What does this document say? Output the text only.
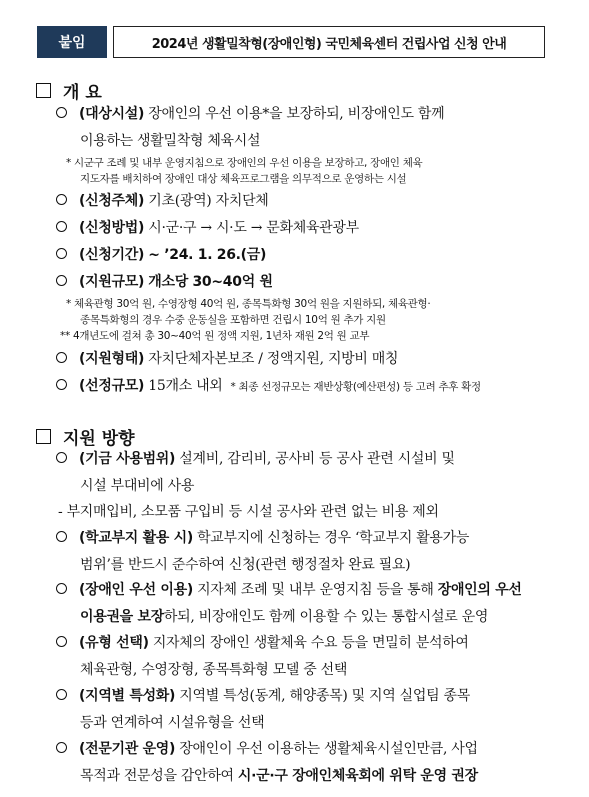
붙임	2024년 생활밀착형(장애인형) 국민체육센터 건립사업 신청 안내
개 요
(대상시설) 장애인의 우선 이용*을 보장하되, 비장애인도 함께
이용하는 생활밀착형 체육시설
* 시군구 조례 및 내부 운영지침으로 장애인의 우선 이용을 보장하고, 장애인 체육
지도자를 배치하여 장애인 대상 체육프로그램을 의무적으로 운영하는 시설
(신청주체) 기초(광역) 자치단체
(신청방법) 시·군·구 → 시·도 → 문화체육관광부
(신청기간) ~ ’24. 1. 26.(금)
(지원규모) 개소당 30~40억 원
* 체육관형 30억 원, 수영장형 40억 원, 종목특화형 30억 원을 지원하되, 체육관형·
종목특화형의 경우 수중 운동실을 포함하면 건립시 10억 원 추가 지원
** 4개년도에 걸쳐 총 30~40억 원 정액 지원, 1년차 재원 2억 원 교부
(지원형태) 자치단체자본보조 / 정액지원, 지방비 매칭
(선정규모) 15개소 내외 * 최종 선정규모는 재반상황(예산편성) 등 고려 추후 확정
지원 방향
(기금 사용범위) 설계비, 감리비, 공사비 등 공사 관련 시설비 및
시설 부대비에 사용
- 부지매입비, 소모품 구입비 등 시설 공사와 관련 없는 비용 제외
(학교부지 활용 시) 학교부지에 신청하는 경우 ‘학교부지 활용가능
범위’를 반드시 준수하여 신청(관련 행정절차 완료 필요)
(장애인 우선 이용) 지자체 조례 및 내부 운영지침 등을 통해 장애인의 우선
이용권을 보장하되, 비장애인도 함께 이용할 수 있는 통합시설로 운영
(유형 선택) 지자체의 장애인 생활체육 수요 등을 면밀히 분석하여
체육관형, 수영장형, 종목특화형 모델 중 선택
(지역별 특성화) 지역별 특성(동계, 해양종목) 및 지역 실업팀 종목
등과 연계하여 시설유형을 선택
(전문기관 운영) 장애인이 우선 이용하는 생활체육시설인만큼, 사업
목적과 전문성을 감안하여 시·군·구 장애인체육회에 위탁 운영 권장
